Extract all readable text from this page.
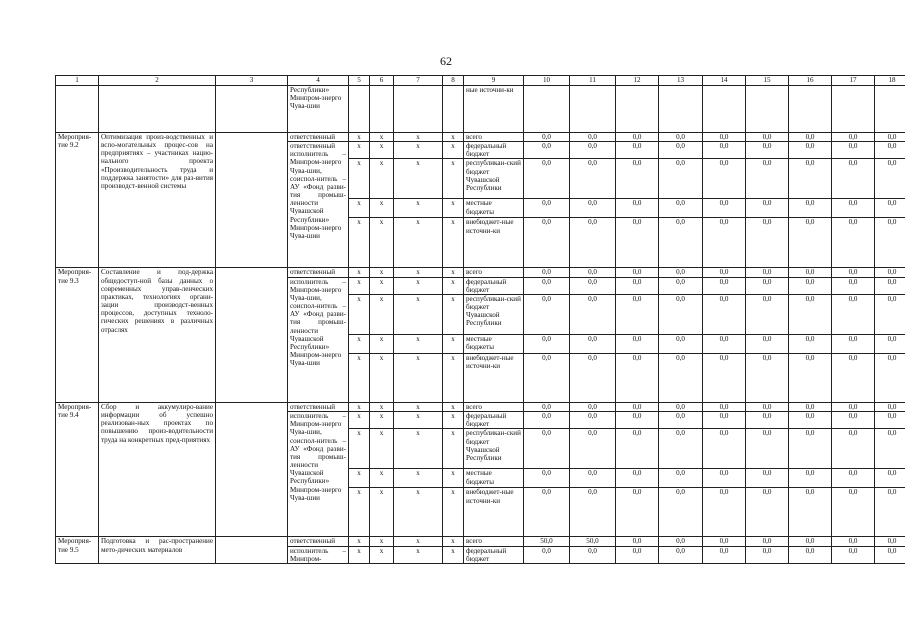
62
1	2	3	4	5	6	7	8	9	10	11	12	13	14	15	16	17	18
			Республики» Минпром-энерго Чува-шии					ные источни-ки									
Мероприя-тие 9.2	Оптимизация произ-водственных и вспо-могательных процес-сов на предприятиях – участниках нацио-нального проекта «Производительность труда и поддержка занятости» для раз-вития производст-венной системы		ответственный	x	x	x	x	всего	0,0	0,0	0,0	0,0	0,0	0,0	0,0	0,0	0,0
			ответственный исполнитель – Минпром-энерго Чува-шии, соиспол-нитель – АУ «Фонд разви-тия промыш-ленности Чувашской Республики» Минпром-энерго Чува-шии	x	x	x	x	федеральный бюджет	0,0	0,0	0,0	0,0	0,0	0,0	0,0	0,0	0,0
				x	x	x	x	республикан-ский бюджет Чувашской Республики	0,0	0,0	0,0	0,0	0,0	0,0	0,0	0,0	0,0
				x	x	x	x	местные бюджеты	0,0	0,0	0,0	0,0	0,0	0,0	0,0	0,0	0,0
				x	x	x	x	внебюджет-ные источни-ки	0,0	0,0	0,0	0,0	0,0	0,0	0,0	0,0	0,0
Мероприя-тие 9.3	Составление и под-держка общедоступ-ной базы данных о современных управ-ленческих практиках, технологиях органи-зации производст-венных процессов, доступных техноло-гических решениях в различных отраслях		ответственный	x	x	x	x	всего	0,0	0,0	0,0	0,0	0,0	0,0	0,0	0,0	0,0
			исполнитель – Минпром-энерго Чува-шии, соиспол-нитель – АУ «Фонд разви-тия промыш-ленности Чувашской Республики» Минпром-энерго Чува-шии	x	x	x	x	федеральный бюджет	0,0	0,0	0,0	0,0	0,0	0,0	0,0	0,0	0,0
				x	x	x	x	республикан-ский бюджет Чувашской Республики	0,0	0,0	0,0	0,0	0,0	0,0	0,0	0,0	0,0
				x	x	x	x	местные бюджеты	0,0	0,0	0,0	0,0	0,0	0,0	0,0	0,0	0,0
				x	x	x	x	внебюджет-ные источни-ки	0,0	0,0	0,0	0,0	0,0	0,0	0,0	0,0	0,0
Мероприя-тие 9.4	Сбор и аккумулиро-вание информации об успешно реализован-ных проектах по повышению произ-водительности труда на конкретных пред-приятиях		ответственный	x	x	x	x	всего	0,0	0,0	0,0	0,0	0,0	0,0	0,0	0,0	0,0
			исполнитель – Минпром-энерго Чува-шии, соиспол-нитель – АУ «Фонд разви-тия промыш-ленности Чувашской Республики» Минпром-энерго Чува-шии	x	x	x	x	федеральный бюджет	0,0	0,0	0,0	0,0	0,0	0,0	0,0	0,0	0,0
				x	x	x	x	республикан-ский бюджет Чувашской Республики	0,0	0,0	0,0	0,0	0,0	0,0	0,0	0,0	0,0
				x	x	x	x	местные бюджеты	0,0	0,0	0,0	0,0	0,0	0,0	0,0	0,0	0,0
				x	x	x	x	внебюджет-ные источни-ки	0,0	0,0	0,0	0,0	0,0	0,0	0,0	0,0	0,0
Мероприя-тие 9.5	Подготовка и рас-пространение мето-дических материалов		ответственный	x	x	x	x	всего	50,0	50,0	0,0	0,0	0,0	0,0	0,0	0,0	0,0
			исполнитель – Минпром-	x	x	x	x	федеральный бюджет	0,0	0,0	0,0	0,0	0,0	0,0	0,0	0,0	0,0
